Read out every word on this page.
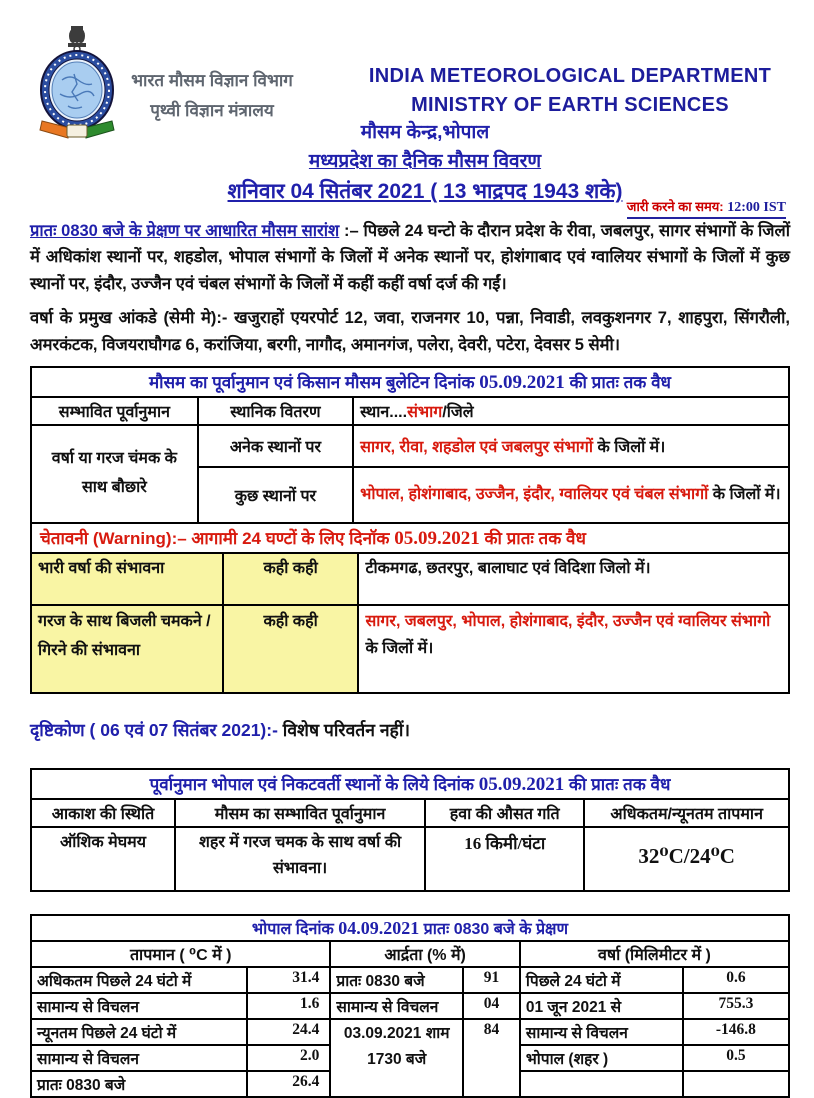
भारत मौसम विज्ञान विभाग
पृथ्वी विज्ञान मंत्रालय
INDIA METEOROLOGICAL DEPARTMENT
MINISTRY OF EARTH SCIENCES
मौसम केन्द्र,भोपाल
मध्यप्रदेश का दैनिक मौसम विवरण
शनिवार 04 सितंबर 2021 ( 13 भाद्रपद 1943 शके)
जारी करने का समय: 12:00 IST

प्रातः 0830 बजे के प्रेक्षण पर आधारित मौसम सारांश :– पिछले 24 घन्टो के दौरान प्रदेश के रीवा, जबलपुर, सागर संभागों के जिलों में अधिकांश स्थानों पर, शहडोल, भोपाल संभागों के जिलों में अनेक स्थानों पर, होशंगाबाद एवं ग्वालियर संभागों के जिलों में कुछ स्थानों पर, इंदौर, उज्जैन एवं चंबल संभागों के जिलों में कहीं कहीं वर्षा दर्ज की गईं।

वर्षा के प्रमुख आंकडे (सेमी मे):- खजुराहों एयरपोर्ट 12, जवा, राजनगर 10, पन्ना, निवाडी, लवकुशनगर 7, शाहपुरा, सिंगरौली, अमरकंटक, विजयराघौगढ 6, करांजिया, बरगी, नागौद, अमानगंज, पलेरा, देवरी, पटेरा, देवसर 5 सेमी।

मौसम का पूर्वानुमान एवं किसान मौसम बुलेटिन दिनांक 05.09.2021 की प्रातः तक वैध		
सम्भावित पूर्वानुमान	स्थानिक वितरण	स्थान....संभाग/जिले
वर्षा या गरज चंमक के साथ बौछारे	अनेक स्थानों पर	सागर, रीवा, शहडोल एवं जबलपुर संभागों के जिलों में।
	कुछ स्थानों पर	भोपाल, होशंगाबाद, उज्जैन, इंदौर, ग्वालियर एवं चंबल संभागों के जिलों में।
चेतावनी (Warning):– आगामी 24 घण्टों के लिए दिनॉक 05.09.2021 की प्रातः तक वैध		
भारी वर्षा की संभावना	कही कही	टीकमगढ, छतरपुर, बालाघाट एवं विदिशा जिलो में।
गरज के साथ बिजली चमकने / गिरने की संभावना	कही कही	सागर, जबलपुर, भोपाल, होशंगाबाद, इंदौर, उज्जैन एवं ग्वालियर संभागो के जिलों में।

दृष्टिकोण ( 06 एवं 07 सितंबर 2021):- विशेष परिवर्तन नहीं।

पूर्वानुमान भोपाल एवं निकटवर्ती स्थानों के लिये दिनांक 05.09.2021 की प्रातः तक वैध			
आकाश की स्थिति	मौसम का सम्भावित पूर्वानुमान	हवा की औसत गति	अधिकतम/न्यूनतम तापमान
ऑशिक मेघमय	शहर में गरज चमक के साथ वर्षा की संभावना।	16 किमी/घंटा	32⁰C/24⁰C
भोपाल दिनांक 04.09.2021 प्रातः 0830 बजे के प्रेक्षण					
तापमान ( ⁰C में )		आर्द्रता (% में)		वर्षा (मिलिमीटर में )	
अधिकतम पिछले 24 घंटो में	31.4	प्रातः 0830 बजे	91	पिछले 24 घंटो में	0.6
सामान्य से विचलन	1.6	सामान्य से विचलन	04	01 जून 2021 से	755.3
न्यूनतम पिछले 24 घंटो में	24.4	03.09.2021 शाम 1730 बजे	84	सामान्य से विचलन	-146.8
सामान्य से विचलन	2.0			भोपाल (शहर )	0.5
प्रातः 0830 बजे	26.4				
